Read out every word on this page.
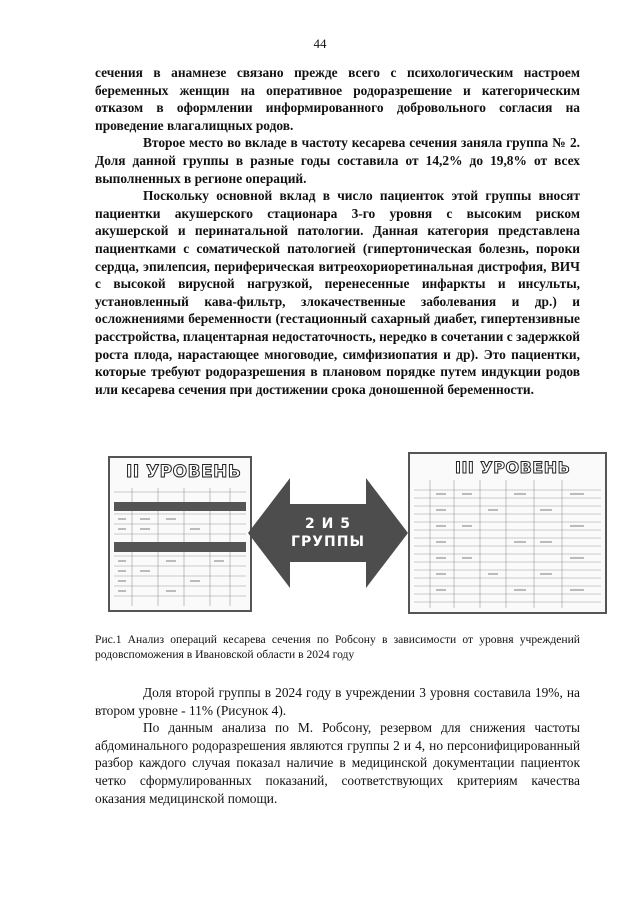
44

сечения в анамнезе связано прежде всего с психологическим настроем беременных женщин на оперативное родоразрешение и категорическим отказом в оформлении информированного добровольного согласия на проведение влагалищных родов.

Второе место во вкладе в частоту кесарева сечения заняла группа № 2. Доля данной группы в разные годы составила от 14,2% до 19,8% от всех выполненных в регионе операций.

Поскольку основной вклад в число пациенток этой группы вносят пациентки акушерского стационара 3-го уровня с высоким риском акушерской и перинатальной патологии. Данная категория представлена пациентками с соматической патологией (гипертоническая болезнь, пороки сердца, эпилепсия, периферическая витреохориоретинальная дистрофия, ВИЧ с высокой вирусной нагрузкой, перенесенные инфаркты и инсульты, установленный кава-фильтр, злокачественные заболевания и др.) и осложнениями беременности (гестационный сахарный диабет, гипертензивные расстройства, плацентарная недостаточность, нередко в сочетании с задержкой роста плода, нарастающее многоводие, симфизиопатия и др). Это пациентки, которые требуют родоразрешения в плановом порядке путем индукции родов или кесарева сечения при достижении срока доношенной беременности.

II УРОВЕНЬ
2 И 5
ГРУППЫ
III УРОВЕНЬ
Рис.1 Анализ операций кесарева сечения по Робсону в зависимости от уровня учреждений родовспоможения в Ивановской области в 2024 году

Доля второй группы в 2024 году в учреждении 3 уровня составила 19%, на втором уровне - 11% (Рисунок 4).

По данным анализа по М. Робсону, резервом для снижения частоты абдоминального родоразрешения являются группы 2 и 4, но персонифицированный разбор каждого случая показал наличие в медицинской документации пациенток четко сформулированных показаний, соответствующих критериям качества оказания медицинской помощи.
